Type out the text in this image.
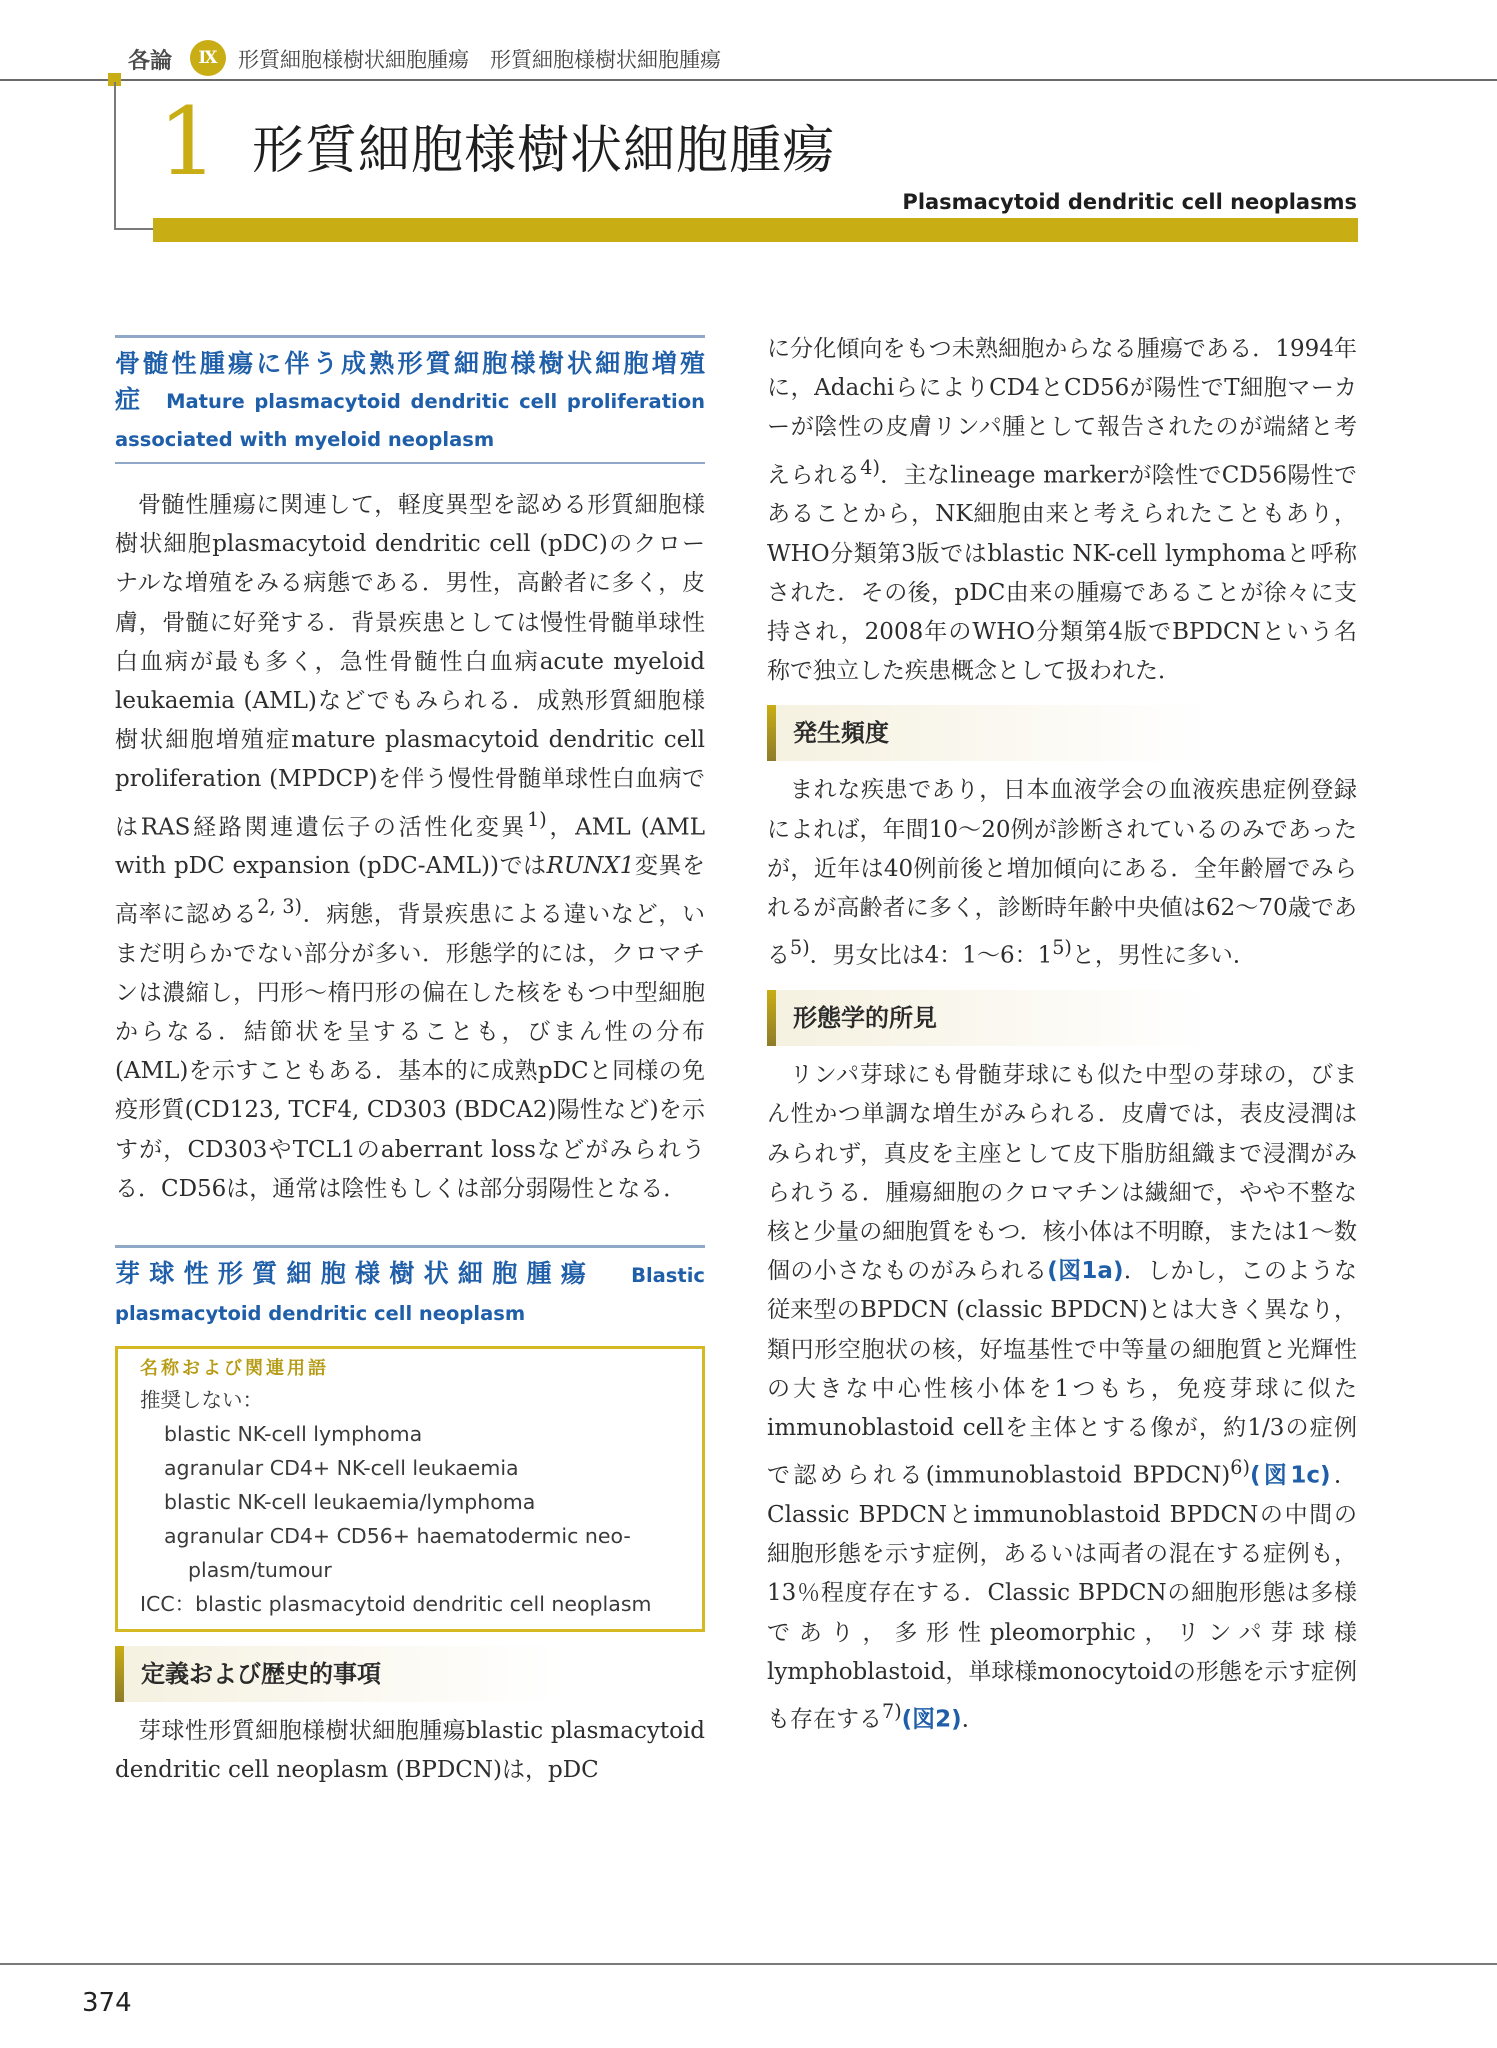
各論	Ⅸ 形質細胞様樹状細胞腫瘍　形質細胞様樹状細胞腫瘍
1 形質細胞様樹状細胞腫瘍
Plasmacytoid dendritic cell neoplasms
骨髄性腫瘍に伴う成熟形質細胞様樹状細胞増殖症 Mature plasmacytoid dendritic cell proliferation associated with myeloid neoplasm

骨髄性腫瘍に関連して，軽度異型を認める形質細胞様樹状細胞plasmacytoid dendritic cell (pDC)のクローナルな増殖をみる病態である．男性，高齢者に多く，皮膚，骨髄に好発する．背景疾患としては慢性骨髄単球性白血病が最も多く，急性骨髄性白血病acute myeloid leukaemia (AML)などでもみられる．成熟形質細胞様樹状細胞増殖症mature plasmacytoid dendritic cell proliferation (MPDCP)を伴う慢性骨髄単球性白血病ではRAS経路関連遺伝子の活性化変異$^{1)}$，AML (AML with pDC expansion (pDC-AML))ではRUNX1変異を高率に認める$^{2, 3)}$．病態，背景疾患による違いなど，いまだ明らかでない部分が多い．形態学的には，クロマチンは濃縮し，円形～楕円形の偏在した核をもつ中型細胞からなる．結節状を呈することも，びまん性の分布(AML)を示すこともある．基本的に成熟pDCと同様の免疫形質(CD123, TCF4, CD303 (BDCA2)陽性など)を示すが，CD303やTCL1のaberrant lossなどがみられうる．CD56は，通常は陰性もしくは部分弱陽性となる．

芽球性形質細胞様樹状細胞腫瘍 Blastic plasmacytoid dendritic cell neoplasm
名称および関連用語
推奨しない：
blastic NK-cell lymphoma
agranular CD4+ NK-cell leukaemia
blastic NK-cell leukaemia/lymphoma
agranular CD4+ CD56+ haematodermic neo-
plasm/tumour
ICC：blastic plasmacytoid dendritic cell neoplasm
定義および歴史的事項

芽球性形質細胞様樹状細胞腫瘍blastic plasmacytoid dendritic cell neoplasm (BPDCN)は，pDC

に分化傾向をもつ未熟細胞からなる腫瘍である．1994年に，AdachiらによりCD4とCD56が陽性でT細胞マーカーが陰性の皮膚リンパ腫として報告されたのが端緒と考えられる$^{4)}$．主なlineage markerが陰性でCD56陽性であることから，NK細胞由来と考えられたこともあり，WHO分類第3版ではblastic NK-cell lymphomaと呼称された．その後，pDC由来の腫瘍であることが徐々に支持され，2008年のWHO分類第4版でBPDCNという名称で独立した疾患概念として扱われた．

発生頻度

まれな疾患であり，日本血液学会の血液疾患症例登録によれば，年間10～20例が診断されているのみであったが，近年は40例前後と増加傾向にある．全年齢層でみられるが高齢者に多く，診断時年齢中央値は62～70歳である$^{5)}$．男女比は4：1～6：1$^{5)}$と，男性に多い．

形態学的所見

リンパ芽球にも骨髄芽球にも似た中型の芽球の，びまん性かつ単調な増生がみられる．皮膚では，表皮浸潤はみられず，真皮を主座として皮下脂肪組織まで浸潤がみられうる．腫瘍細胞のクロマチンは繊細で，やや不整な核と少量の細胞質をもつ．核小体は不明瞭，または1～数個の小さなものがみられる(図1a)．しかし，このような従来型のBPDCN (classic BPDCN)とは大きく異なり，類円形空胞状の核，好塩基性で中等量の細胞質と光輝性の大きな中心性核小体を1つもち，免疫芽球に似たimmunoblastoid cellを主体とする像が，約1/3の症例で認められる(immunoblastoid BPDCN)$^{6)}$(図1c)．Classic BPDCNとimmunoblastoid BPDCNの中間の細胞形態を示す症例，あるいは両者の混在する症例も，13％程度存在する．Classic BPDCNの細胞形態は多様であり，多形性pleomorphic，リンパ芽球様lymphoblastoid，単球様monocytoidの形態を示す症例も存在する$^{7)}$(図2)．

374
